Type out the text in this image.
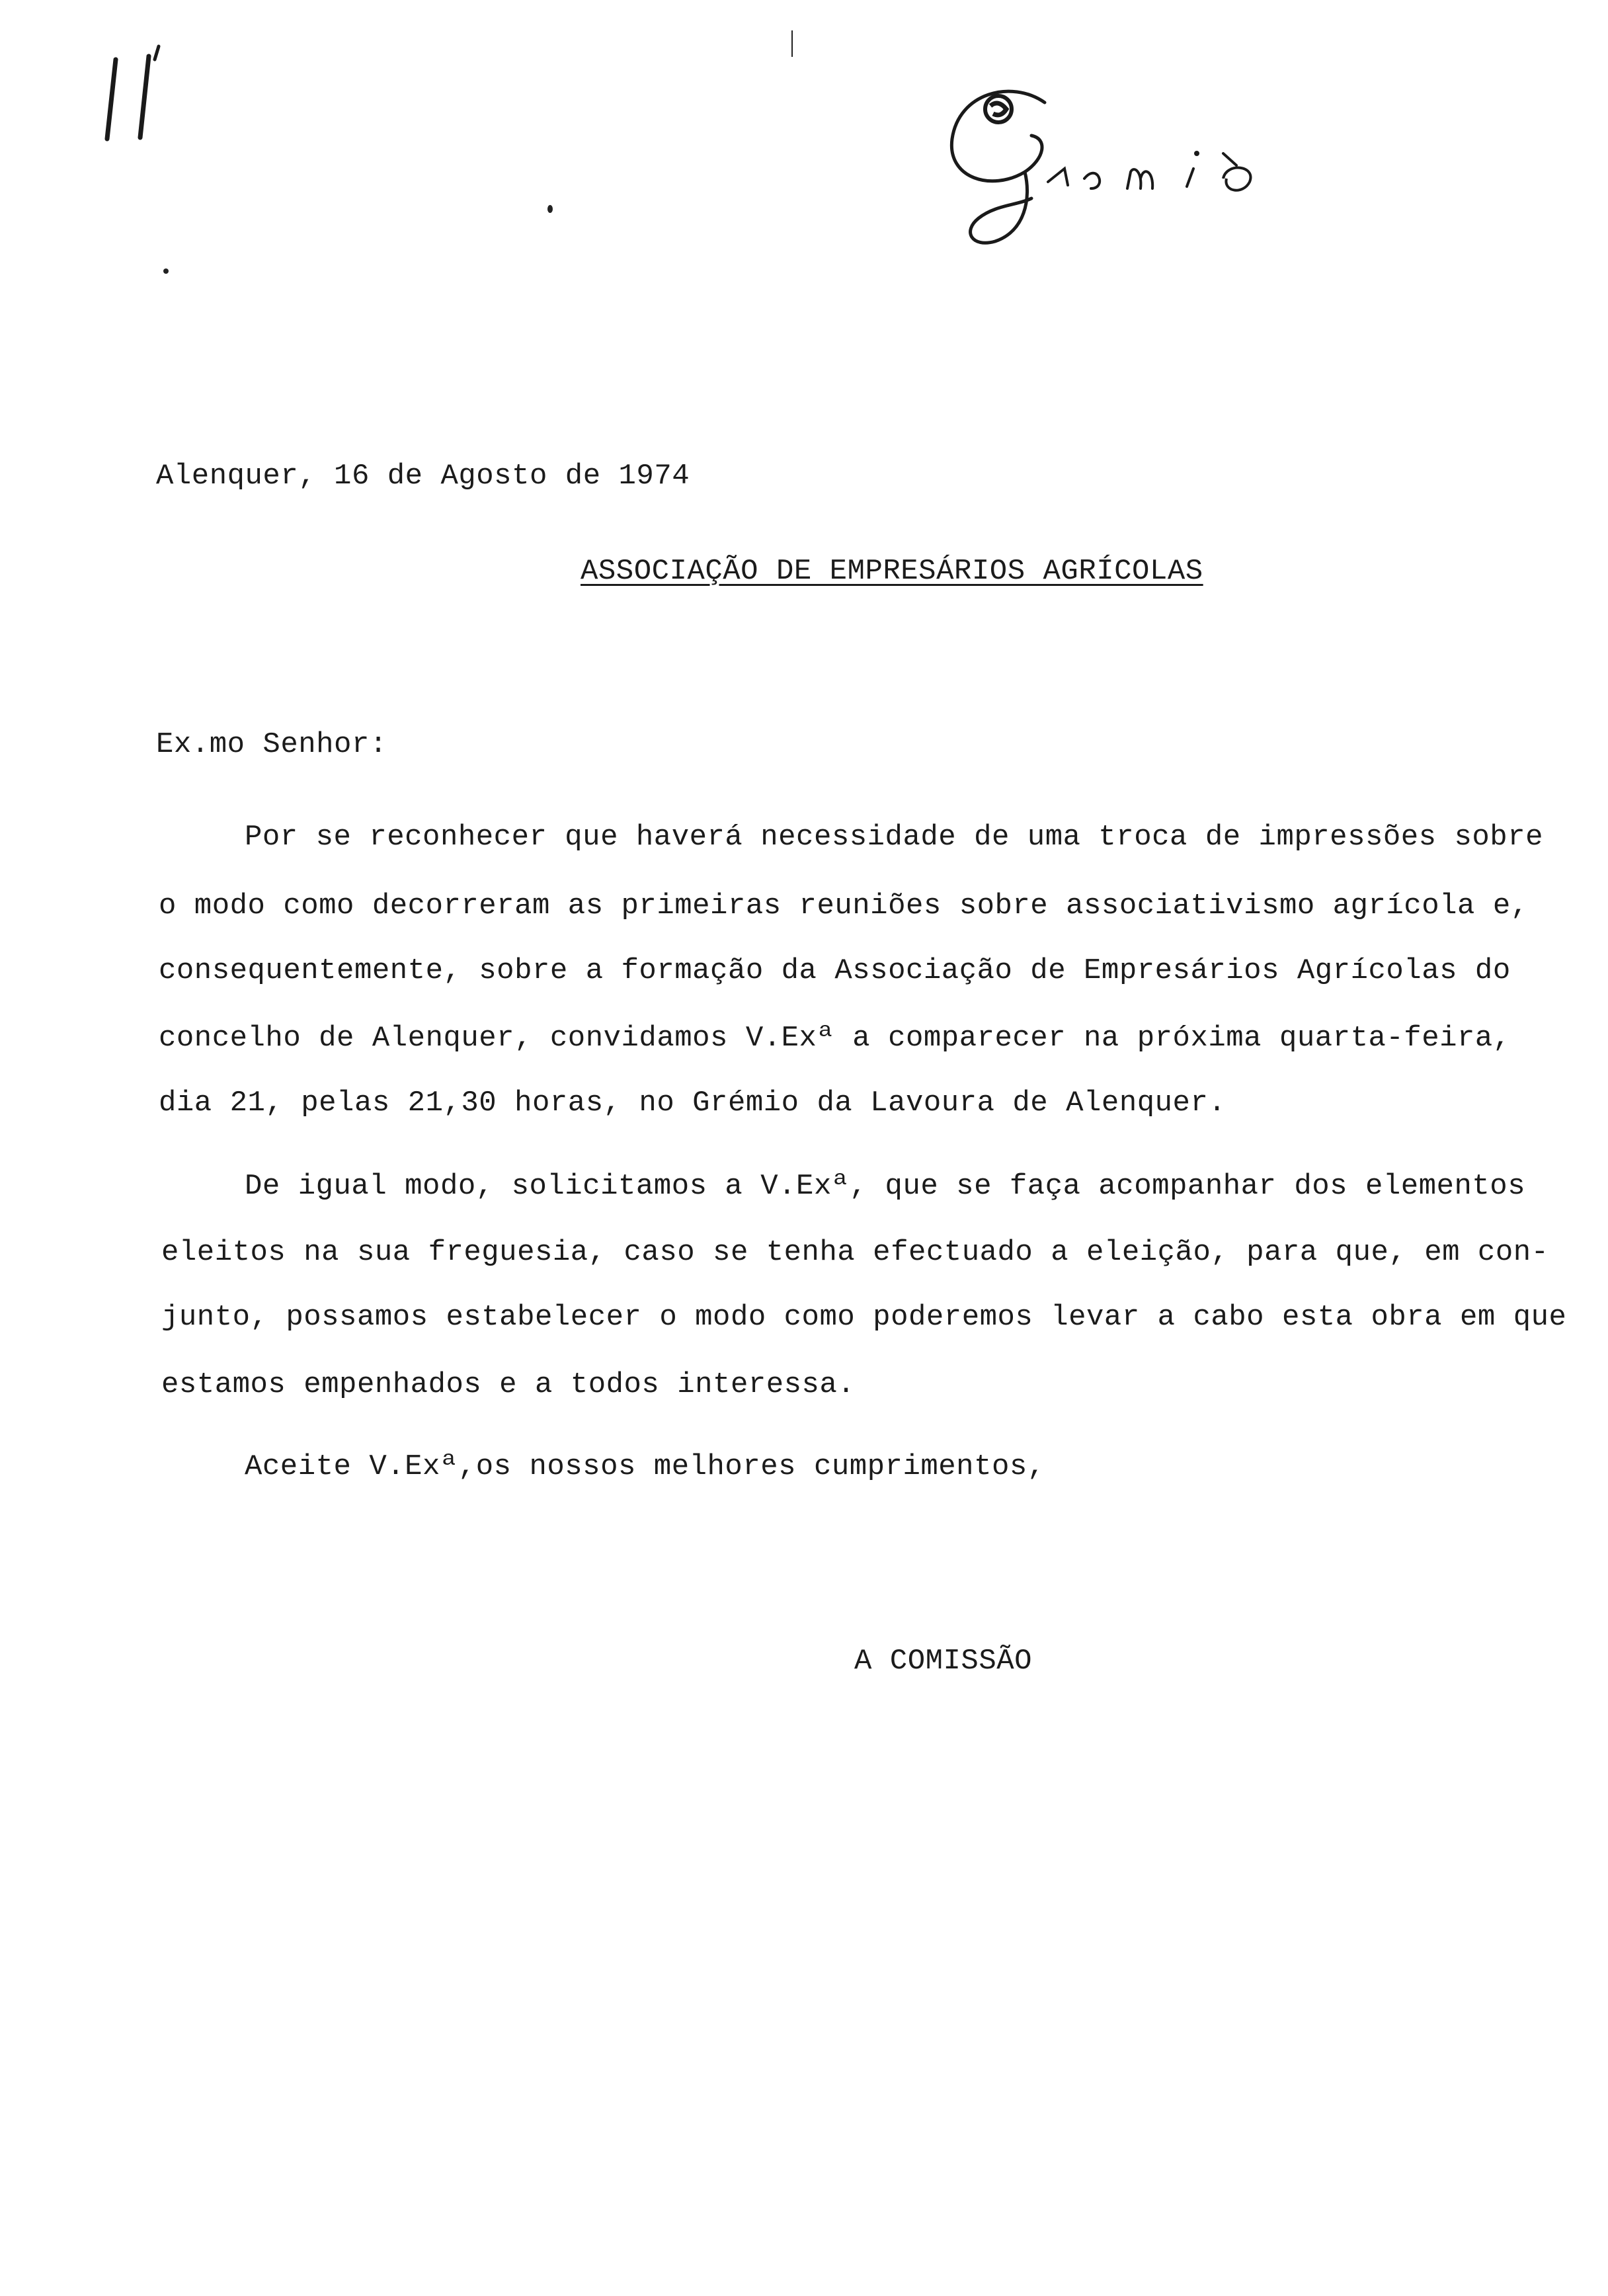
Alenquer, 16 de Agosto de 1974
ASSOCIAÇÃO DE EMPRESÁRIOS AGRÍCOLAS
Ex.mo Senhor:
Por se reconhecer que haverá necessidade de uma troca de impressões sobre
o modo como decorreram as primeiras reuniões sobre associativismo agrícola e,
consequentemente, sobre a formação da Associação de Empresários Agrícolas do
concelho de Alenquer, convidamos V.Exª a comparecer na próxima quarta-feira,
dia 21, pelas 21,30 horas, no Grémio da Lavoura de Alenquer.
De igual modo, solicitamos a V.Exª, que se faça acompanhar dos elementos
eleitos na sua freguesia, caso se tenha efectuado a eleição, para que, em con-
junto, possamos estabelecer o modo como poderemos levar a cabo esta obra em que
estamos empenhados e a todos interessa.
Aceite V.Exª,os nossos melhores cumprimentos,
A COMISSÃO
